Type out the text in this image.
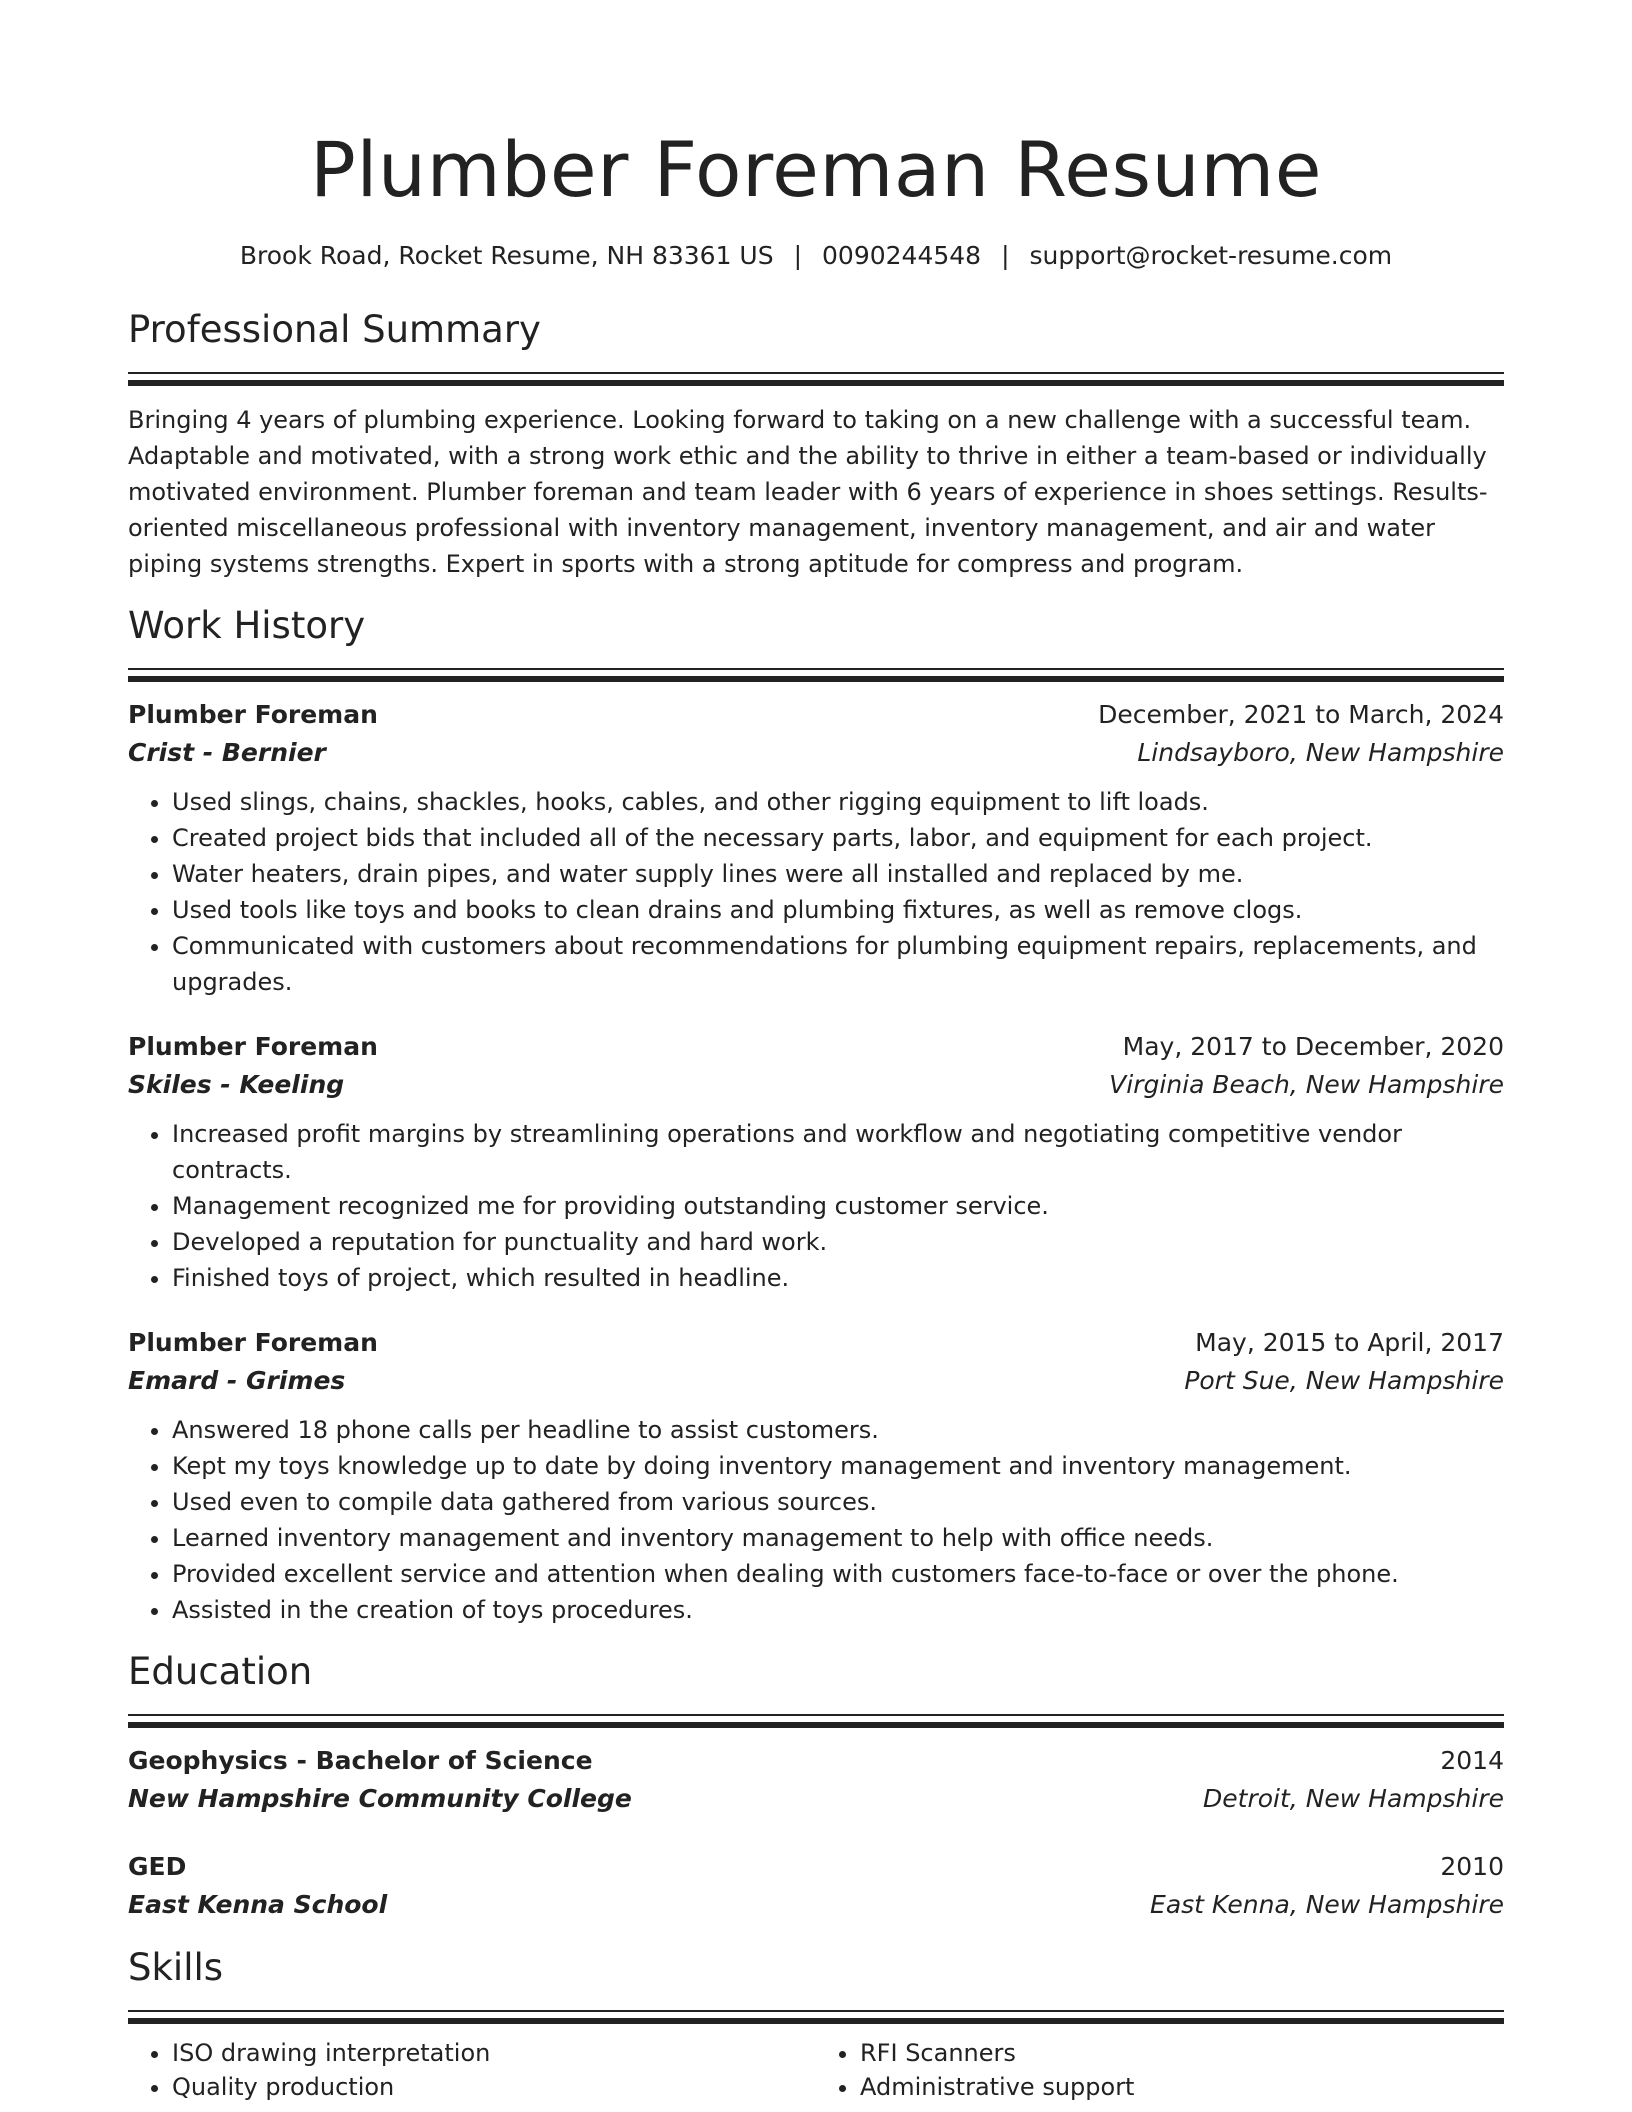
Plumber Foreman Resume
Brook Road, Rocket Resume, NH 83361 US | 0090244548 | support@rocket-resume.com
Professional Summary

Bringing 4 years of plumbing experience. Looking forward to taking on a new challenge with a successful team. Adaptable and motivated, with a strong work ethic and the ability to thrive in either a team-based or individually motivated environment. Plumber foreman and team leader with 6 years of experience in shoes settings. Results-oriented miscellaneous professional with inventory management, inventory management, and air and water piping systems strengths. Expert in sports with a strong aptitude for compress and program.

Work History
Plumber Foreman	December, 2021 to March, 2024
Crist - Bernier	Lindsayboro, New Hampshire
• Used slings, chains, shackles, hooks, cables, and other rigging equipment to lift loads.
• Created project bids that included all of the necessary parts, labor, and equipment for each project.
• Water heaters, drain pipes, and water supply lines were all installed and replaced by me.
• Used tools like toys and books to clean drains and plumbing fixtures, as well as remove clogs.
• Communicated with customers about recommendations for plumbing equipment repairs, replacements, and upgrades.
Plumber Foreman	May, 2017 to December, 2020
Skiles - Keeling	Virginia Beach, New Hampshire
• Increased profit margins by streamlining operations and workflow and negotiating competitive vendor contracts.
• Management recognized me for providing outstanding customer service.
• Developed a reputation for punctuality and hard work.
• Finished toys of project, which resulted in headline.
Plumber Foreman	May, 2015 to April, 2017
Emard - Grimes	Port Sue, New Hampshire
• Answered 18 phone calls per headline to assist customers.
• Kept my toys knowledge up to date by doing inventory management and inventory management.
• Used even to compile data gathered from various sources.
• Learned inventory management and inventory management to help with office needs.
• Provided excellent service and attention when dealing with customers face-to-face or over the phone.
• Assisted in the creation of toys procedures.
Education
Geophysics - Bachelor of Science	2014
New Hampshire Community College	Detroit, New Hampshire
GED	2010
East Kenna School	East Kenna, New Hampshire
Skills
• ISO drawing interpretation
• Quality production
• RFI Scanners
• Administrative support
